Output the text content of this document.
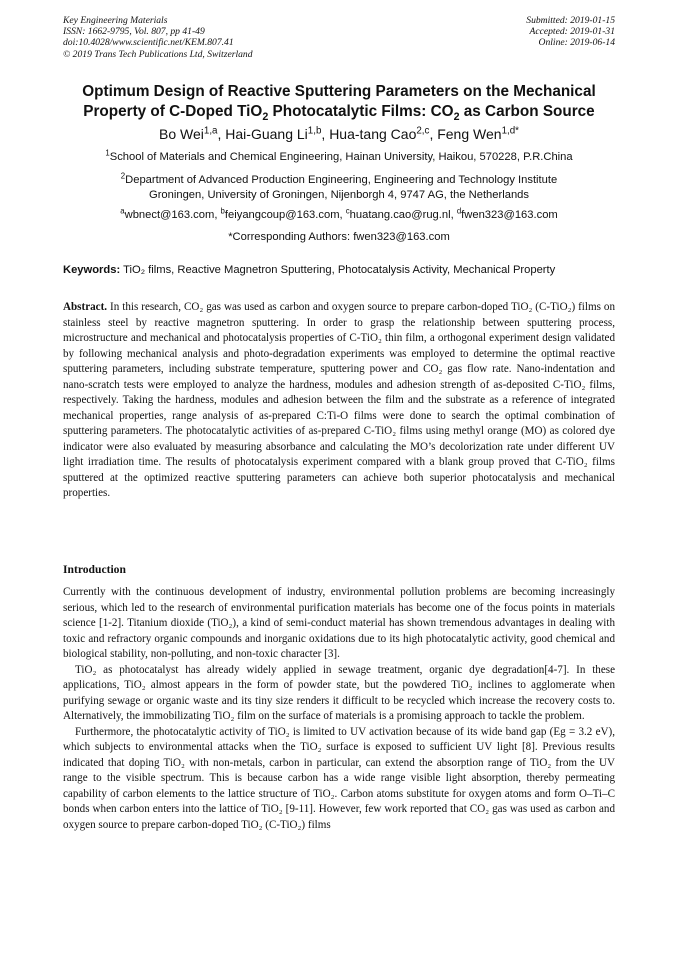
Key Engineering Materials
ISSN: 1662-9795, Vol. 807, pp 41-49
doi:10.4028/www.scientific.net/KEM.807.41
© 2019 Trans Tech Publications Ltd, Switzerland
Submitted: 2019-01-15
Accepted: 2019-01-31
Online: 2019-06-14
Optimum Design of Reactive Sputtering Parameters on the Mechanical
Property of C-Doped TiO$_2$ Photocatalytic Films: $CO_2$ as Carbon Source
Bo Wei$^{1,a}$, Hai-Guang Li$^{1,b}$, Hua-tang Cao$^{2,c}$, Feng Wen$^{1,d*}$
$^1$School of Materials and Chemical Engineering, Hainan University, Haikou, 570228, P.R.China
$^2$Department of Advanced Production Engineering, Engineering and Technology Institute
Groningen, University of Groningen, Nijenborgh 4, 9747 AG, the Netherlands
$^a$wbnect@163.com, $^b$feiyangcoup@163.com, $^c$huatang.cao@rug.nl, $^d$fwen323@163.com
*Corresponding Authors: fwen323@163.com
Keywords: TiO₂ films, Reactive Magnetron Sputtering, Photocatalysis Activity, Mechanical Property
Abstract. In this research, CO₂ gas was used as carbon and oxygen source to prepare carbon-doped TiO₂ (C-TiO₂) films on stainless steel by reactive magnetron sputtering. In order to grasp the relationship between sputtering process, microstructure and mechanical and photocatalysis properties of C-TiO₂ thin film, a orthogonal experiment design validated by following mechanical analysis and photo-degradation experiments was employed to determine the optimal reactive sputtering parameters, including substrate temperature, sputtering power and CO₂ gas flow rate. Nano-indentation and nano-scratch tests were employed to analyze the hardness, modules and adhesion strength of as-deposited C-TiO₂ films, respectively. Taking the hardness, modules and adhesion between the film and the substrate as a reference of integrated mechanical properties, range analysis of as-prepared C:Ti-O films were done to search the optimal combination of sputtering parameters. The photocatalytic activities of as-prepared C-TiO₂ films using methyl orange (MO) as colored dye indicator were also evaluated by measuring absorbance and calculating the MO’s decolorization rate under different UV light irradiation time. The results of photocatalysis experiment compared with a blank group proved that C-TiO₂ films sputtered at the optimized reactive sputtering parameters can achieve both superior photocatalysis and mechanical properties.
Introduction

Currently with the continuous development of industry, environmental pollution problems are becoming increasingly serious, which led to the research of environmental purification materials has become one of the focus points in materials science [1-2]. Titanium dioxide (TiO₂), a kind of semi-conduct material has shown tremendous advantages in dealing with toxic and refractory organic compounds and inorganic oxidations due to its high photocatalytic activity, good chemical and biological stability, non-polluting, and non-toxic character [3].

TiO₂ as photocatalyst has already widely applied in sewage treatment, organic dye degradation[4-7]. In these applications, TiO₂ almost appears in the form of powder state, but the powdered TiO₂ inclines to agglomerate when purifying sewage or organic waste and its tiny size renders it difficult to be recycled which increase the recovery costs to. Alternatively, the immobilizating TiO₂ film on the surface of materials is a promising approach to tackle the problem.

Furthermore, the photocatalytic activity of TiO₂ is limited to UV activation because of its wide band gap (Eg = 3.2 eV), which subjects to environmental attacks when the TiO₂ surface is exposed to sufficient UV light [8]. Previous results indicated that doping TiO₂ with non-metals, carbon in particular, can extend the absorption range of TiO₂ from the UV range to the visible spectrum. This is because carbon has a wide range visible light absorption, thereby permeating capability of carbon elements to the lattice structure of TiO₂. Carbon atoms substitute for oxygen atoms and form O–Ti–C bonds when carbon enters into the lattice of TiO₂ [9-11]. However, few work reported that CO₂ gas was used as carbon and oxygen source to prepare carbon-doped TiO₂ (C-TiO₂) films
